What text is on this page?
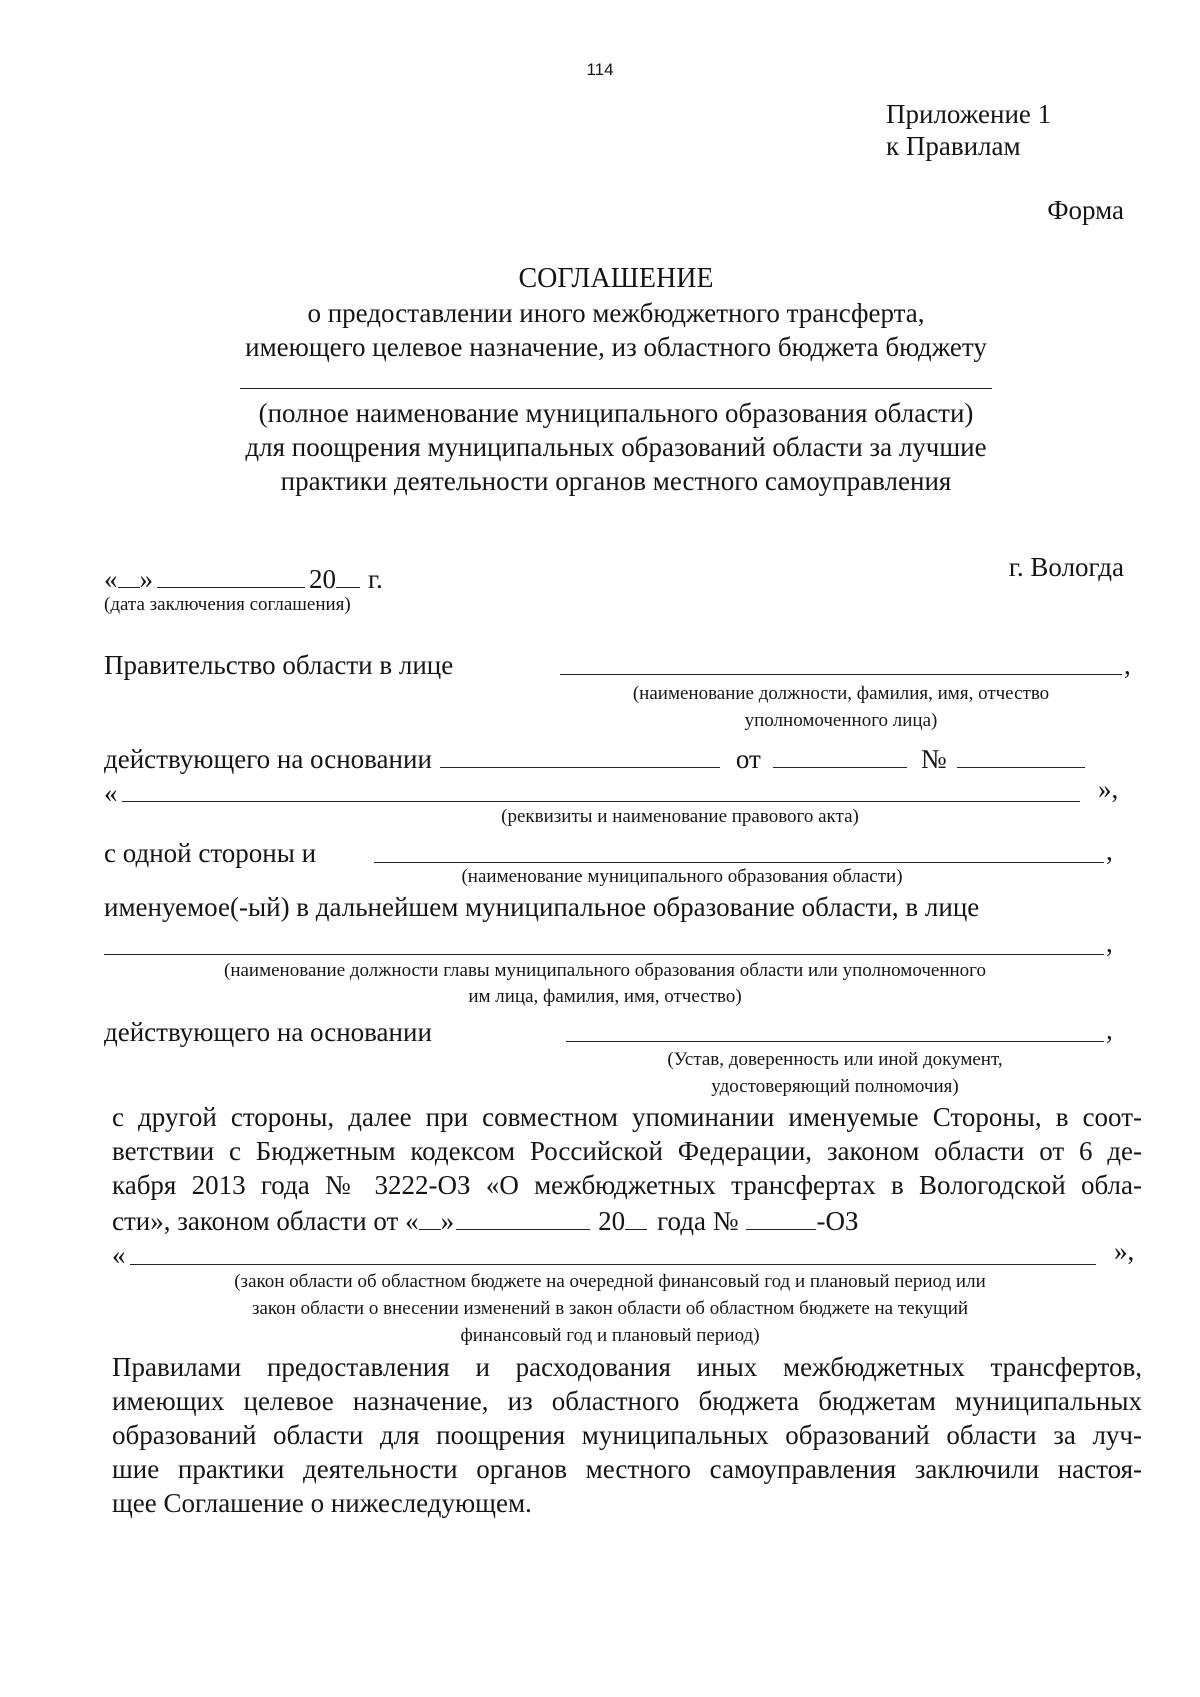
114
Приложение 1
к Правилам
Форма
СОГЛАШЕНИЕ
о предоставлении иного межбюджетного трансферта,
имеющего целевое назначение, из областного бюджета бюджету
(полное наименование муниципального образования области)
для поощрения муниципальных образований области за лучшие
практики деятельности органов местного самоуправления
« »	20 г.
(дата заключения соглашения)
г. Вологда
Правительство области в лице	,
(наименование должности, фамилия, имя, отчество
уполномоченного лица)
действующего на основании	от	№
«	»,
(реквизиты и наименование правового акта)
с одной стороны и	,
(наименование муниципального образования области)
именуемое(-ый) в дальнейшем муниципальное образование области, в лице
,
(наименование должности главы муниципального образования области или уполномоченного
им лица, фамилия, имя, отчество)
действующего на основании	,
(Устав, доверенность или иной документ,
удостоверяющий полномочия)
с другой стороны, далее при совместном упоминании именуемые Стороны, в соот-
ветствии с Бюджетным кодексом Российской Федерации, законом области от 6 де-
кабря 2013 года № 3222-ОЗ «О межбюджетных трансфертах в Вологодской обла-
сти», законом области от « »	20 года №	-ОЗ
«	»,
(закон области об областном бюджете на очередной финансовый год и плановый период или
закон области о внесении изменений в закон области об областном бюджете на текущий
финансовый год и плановый период)
Правилами предоставления и расходования иных межбюджетных трансфертов,
имеющих целевое назначение, из областного бюджета бюджетам муниципальных
образований области для поощрения муниципальных образований области за луч-
шие практики деятельности органов местного самоуправления заключили настоя-
щее Соглашение о нижеследующем.
